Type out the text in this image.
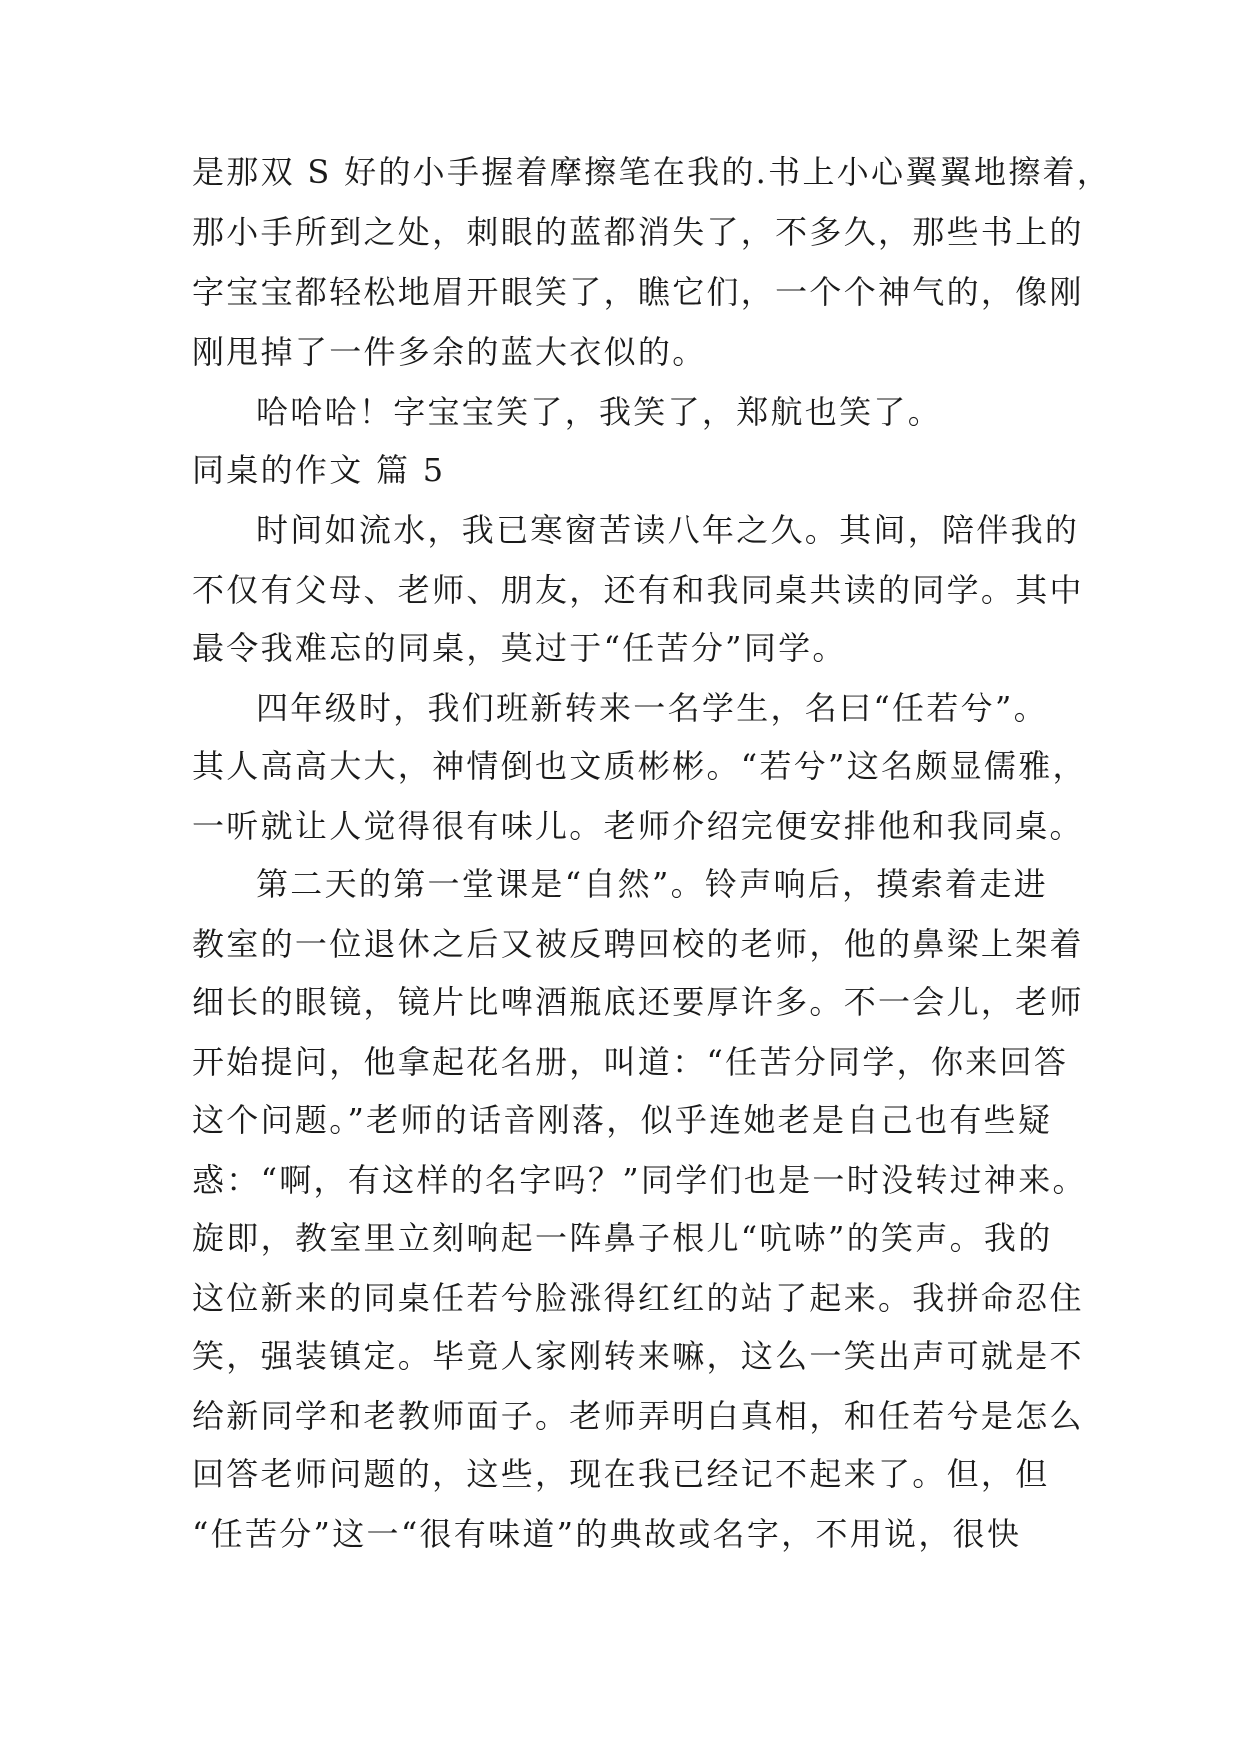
是那双 S 好的小手握着摩擦笔在我的.书上小心翼翼地擦着，

那小手所到之处，刺眼的蓝都消失了，不多久，那些书上的

字宝宝都轻松地眉开眼笑了，瞧它们，一个个神气的，像刚

刚甩掉了一件多余的蓝大衣似的。

哈哈哈！字宝宝笑了，我笑了，郑航也笑了。

同桌的作文 篇 5

时间如流水，我已寒窗苦读八年之久。其间，陪伴我的

不仅有父母、老师、朋友，还有和我同桌共读的同学。其中

最令我难忘的同桌，莫过于“任苦分”同学。

四年级时，我们班新转来一名学生，名曰“任若兮”。

其人高高大大，神情倒也文质彬彬。“若兮”这名颇显儒雅，

一听就让人觉得很有味儿。老师介绍完便安排他和我同桌。

第二天的第一堂课是“自然”。铃声响后，摸索着走进

教室的一位退休之后又被反聘回校的老师，他的鼻梁上架着

细长的眼镜，镜片比啤酒瓶底还要厚许多。不一会儿，老师

开始提问，他拿起花名册，叫道：“任苦分同学，你来回答

这个问题。”老师的话音刚落，似乎连她老是自己也有些疑

惑：“啊，有这样的名字吗？”同学们也是一时没转过神来。

旋即，教室里立刻响起一阵鼻子根儿“吭哧”的笑声。我的

这位新来的同桌任若兮脸涨得红红的站了起来。我拼命忍住

笑，强装镇定。毕竟人家刚转来嘛，这么一笑出声可就是不

给新同学和老教师面子。老师弄明白真相，和任若兮是怎么

回答老师问题的，这些，现在我已经记不起来了。但，但

“任苦分”这一“很有味道”的典故或名字，不用说，很快
